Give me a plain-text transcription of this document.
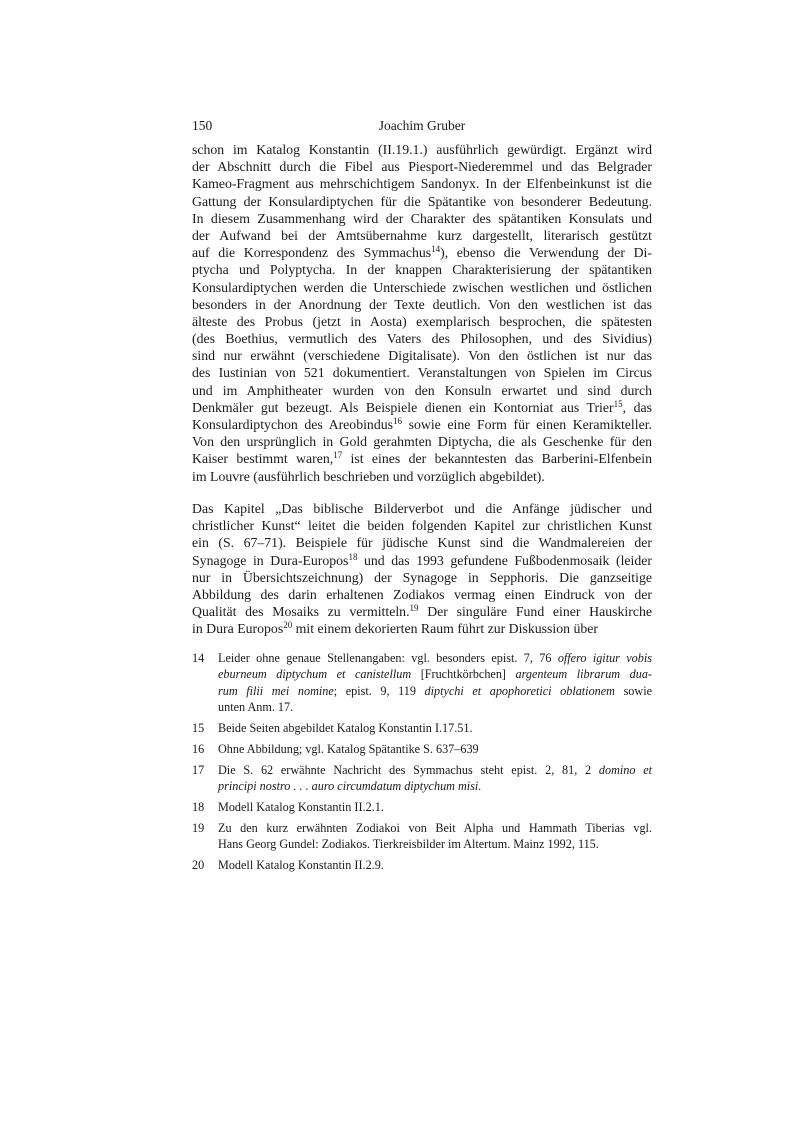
150	Joachim Gruber
schon im Katalog Konstantin (II.19.1.) ausführlich gewürdigt. Ergänzt wird
der Abschnitt durch die Fibel aus Piesport-Niederemmel und das Belgrader
Kameo-Fragment aus mehrschichtigem Sandonyx. In der Elfenbeinkunst ist die
Gattung der Konsulardiptychen für die Spätantike von besonderer Bedeutung.
In diesem Zusammenhang wird der Charakter des spätantiken Konsulats und
der Aufwand bei der Amtsübernahme kurz dargestellt, literarisch gestützt
auf die Korrespondenz des Symmachus$^{14}$), ebenso die Verwendung der Di-
ptycha und Polyptycha. In der knappen Charakterisierung der spätantiken
Konsulardiptychen werden die Unterschiede zwischen westlichen und östlichen
besonders in der Anordnung der Texte deutlich. Von den westlichen ist das
älteste des Probus (jetzt in Aosta) exemplarisch besprochen, die spätesten
(des Boethius, vermutlich des Vaters des Philosophen, und des Sividius)
sind nur erwähnt (verschiedene Digitalisate). Von den östlichen ist nur das
des Iustinian von 521 dokumentiert. Veranstaltungen von Spielen im Circus
und im Amphitheater wurden von den Konsuln erwartet und sind durch
Denkmäler gut bezeugt. Als Beispiele dienen ein Kontorniat aus Trier$^{15}$, das
Konsulardiptychon des Areobindus$^{16}$ sowie eine Form für einen Keramikteller.
Von den ursprünglich in Gold gerahmten Diptycha, die als Geschenke für den
Kaiser bestimmt waren,$^{17}$ ist eines der bekanntesten das Barberini-Elfenbein
im Louvre (ausführlich beschrieben und vorzüglich abgebildet).
Das Kapitel „Das biblische Bilderverbot und die Anfänge jüdischer und
christlicher Kunst“ leitet die beiden folgenden Kapitel zur christlichen Kunst
ein (S. 67–71). Beispiele für jüdische Kunst sind die Wandmalereien der
Synagoge in Dura-Europos$^{18}$ und das 1993 gefundene Fußbodenmosaik (leider
nur in Übersichtszeichnung) der Synagoge in Sepphoris. Die ganzseitige
Abbildung des darin erhaltenen Zodiakos vermag einen Eindruck von der
Qualität des Mosaiks zu vermitteln.$^{19}$ Der singuläre Fund einer Hauskirche
in Dura Europos$^{20}$ mit einem dekorierten Raum führt zur Diskussion über
14	Leider ohne genaue Stellenangaben: vgl. besonders epist. 7, 76 offero igitur vobis
eburneum diptychum et canistellum [Fruchtkörbchen] argenteum librarum dua-
rum filii mei nomine; epist. 9, 119 diptychi et apophoretici oblationem sowie
unten Anm. 17.
15	Beide Seiten abgebildet Katalog Konstantin I.17.51.
16	Ohne Abbildung; vgl. Katalog Spätantike S. 637–639
17	Die S. 62 erwähnte Nachricht des Symmachus steht epist. 2, 81, 2 domino et
principi nostro . . . auro circumdatum diptychum misi.
18	Modell Katalog Konstantin II.2.1.
19	Zu den kurz erwähnten Zodiakoi von Beit Alpha und Hammath Tiberias vgl.
Hans Georg Gundel: Zodiakos. Tierkreisbilder im Altertum. Mainz 1992, 115.
20	Modell Katalog Konstantin II.2.9.
